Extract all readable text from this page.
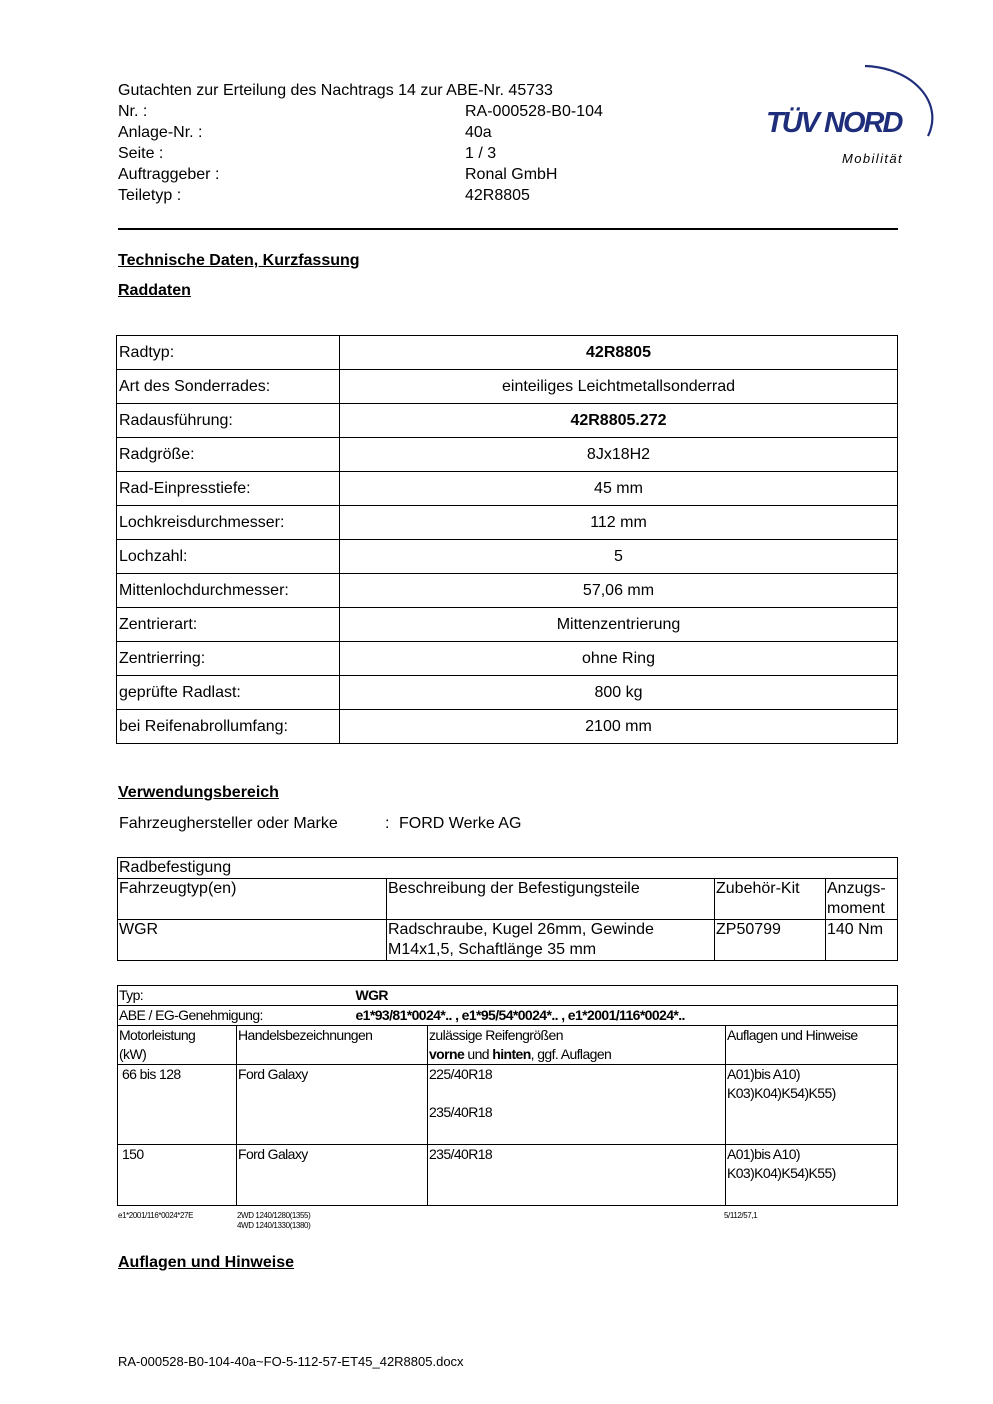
Gutachten zur Erteilung des Nachtrags 14 zur ABE-Nr. 45733
Nr. :	RA-000528-B0-104
Anlage-Nr. :	40a
Seite :	1 / 3
Auftraggeber :	Ronal GmbH
Teiletyp :	42R8805
TÜV NORD
Mobilität
Technische Daten, Kurzfassung
Raddaten
Radtyp:	42R8805
Art des Sonderrades:	einteiliges Leichtmetallsonderrad
Radausführung:	42R8805.272
Radgröße:	8Jx18H2
Rad-Einpresstiefe:	45 mm
Lochkreisdurchmesser:	112 mm
Lochzahl:	5
Mittenlochdurchmesser:	57,06 mm
Zentrierart:	Mittenzentrierung
Zentrierring:	ohne Ring
geprüfte Radlast:	800 kg
bei Reifenabrollumfang:	2100 mm
Verwendungsbereich
Fahrzeughersteller oder Marke	: FORD Werke AG
Radbefestigung			
Fahrzeugtyp(en)	Beschreibung der Befestigungsteile	Zubehör-Kit	Anzugs-
moment
WGR	Radschraube, Kugel 26mm, Gewinde
M14x1,5, Schaftlänge 35 mm	ZP50799	140 Nm
Typ: WGR			

ABE / EG-Genehmigung: e1*93/81*0024*.. , e1*95/54*0024*.. , e1*2001/116*0024*..			

Motorleistung
(kW)	Handelsbezeichnungen	zulässige Reifengrößen
vorne und hinten, ggf. Auflagen	Auflagen und Hinweise
66 bis 128	Ford Galaxy	225/40R18

235/40R18	A01)bis A10)
K03)K04)K54)K55)
150	Ford Galaxy	235/40R18	A01)bis A10)
K03)K04)K54)K55)
e1*2001/116*0024*27E	2WD 1240/1280(1355)
4WD 1240/1330(1380)
5/112/57,1
Auflagen und Hinweise
RA-000528-B0-104-40a~FO-5-112-57-ET45_42R8805.docx
